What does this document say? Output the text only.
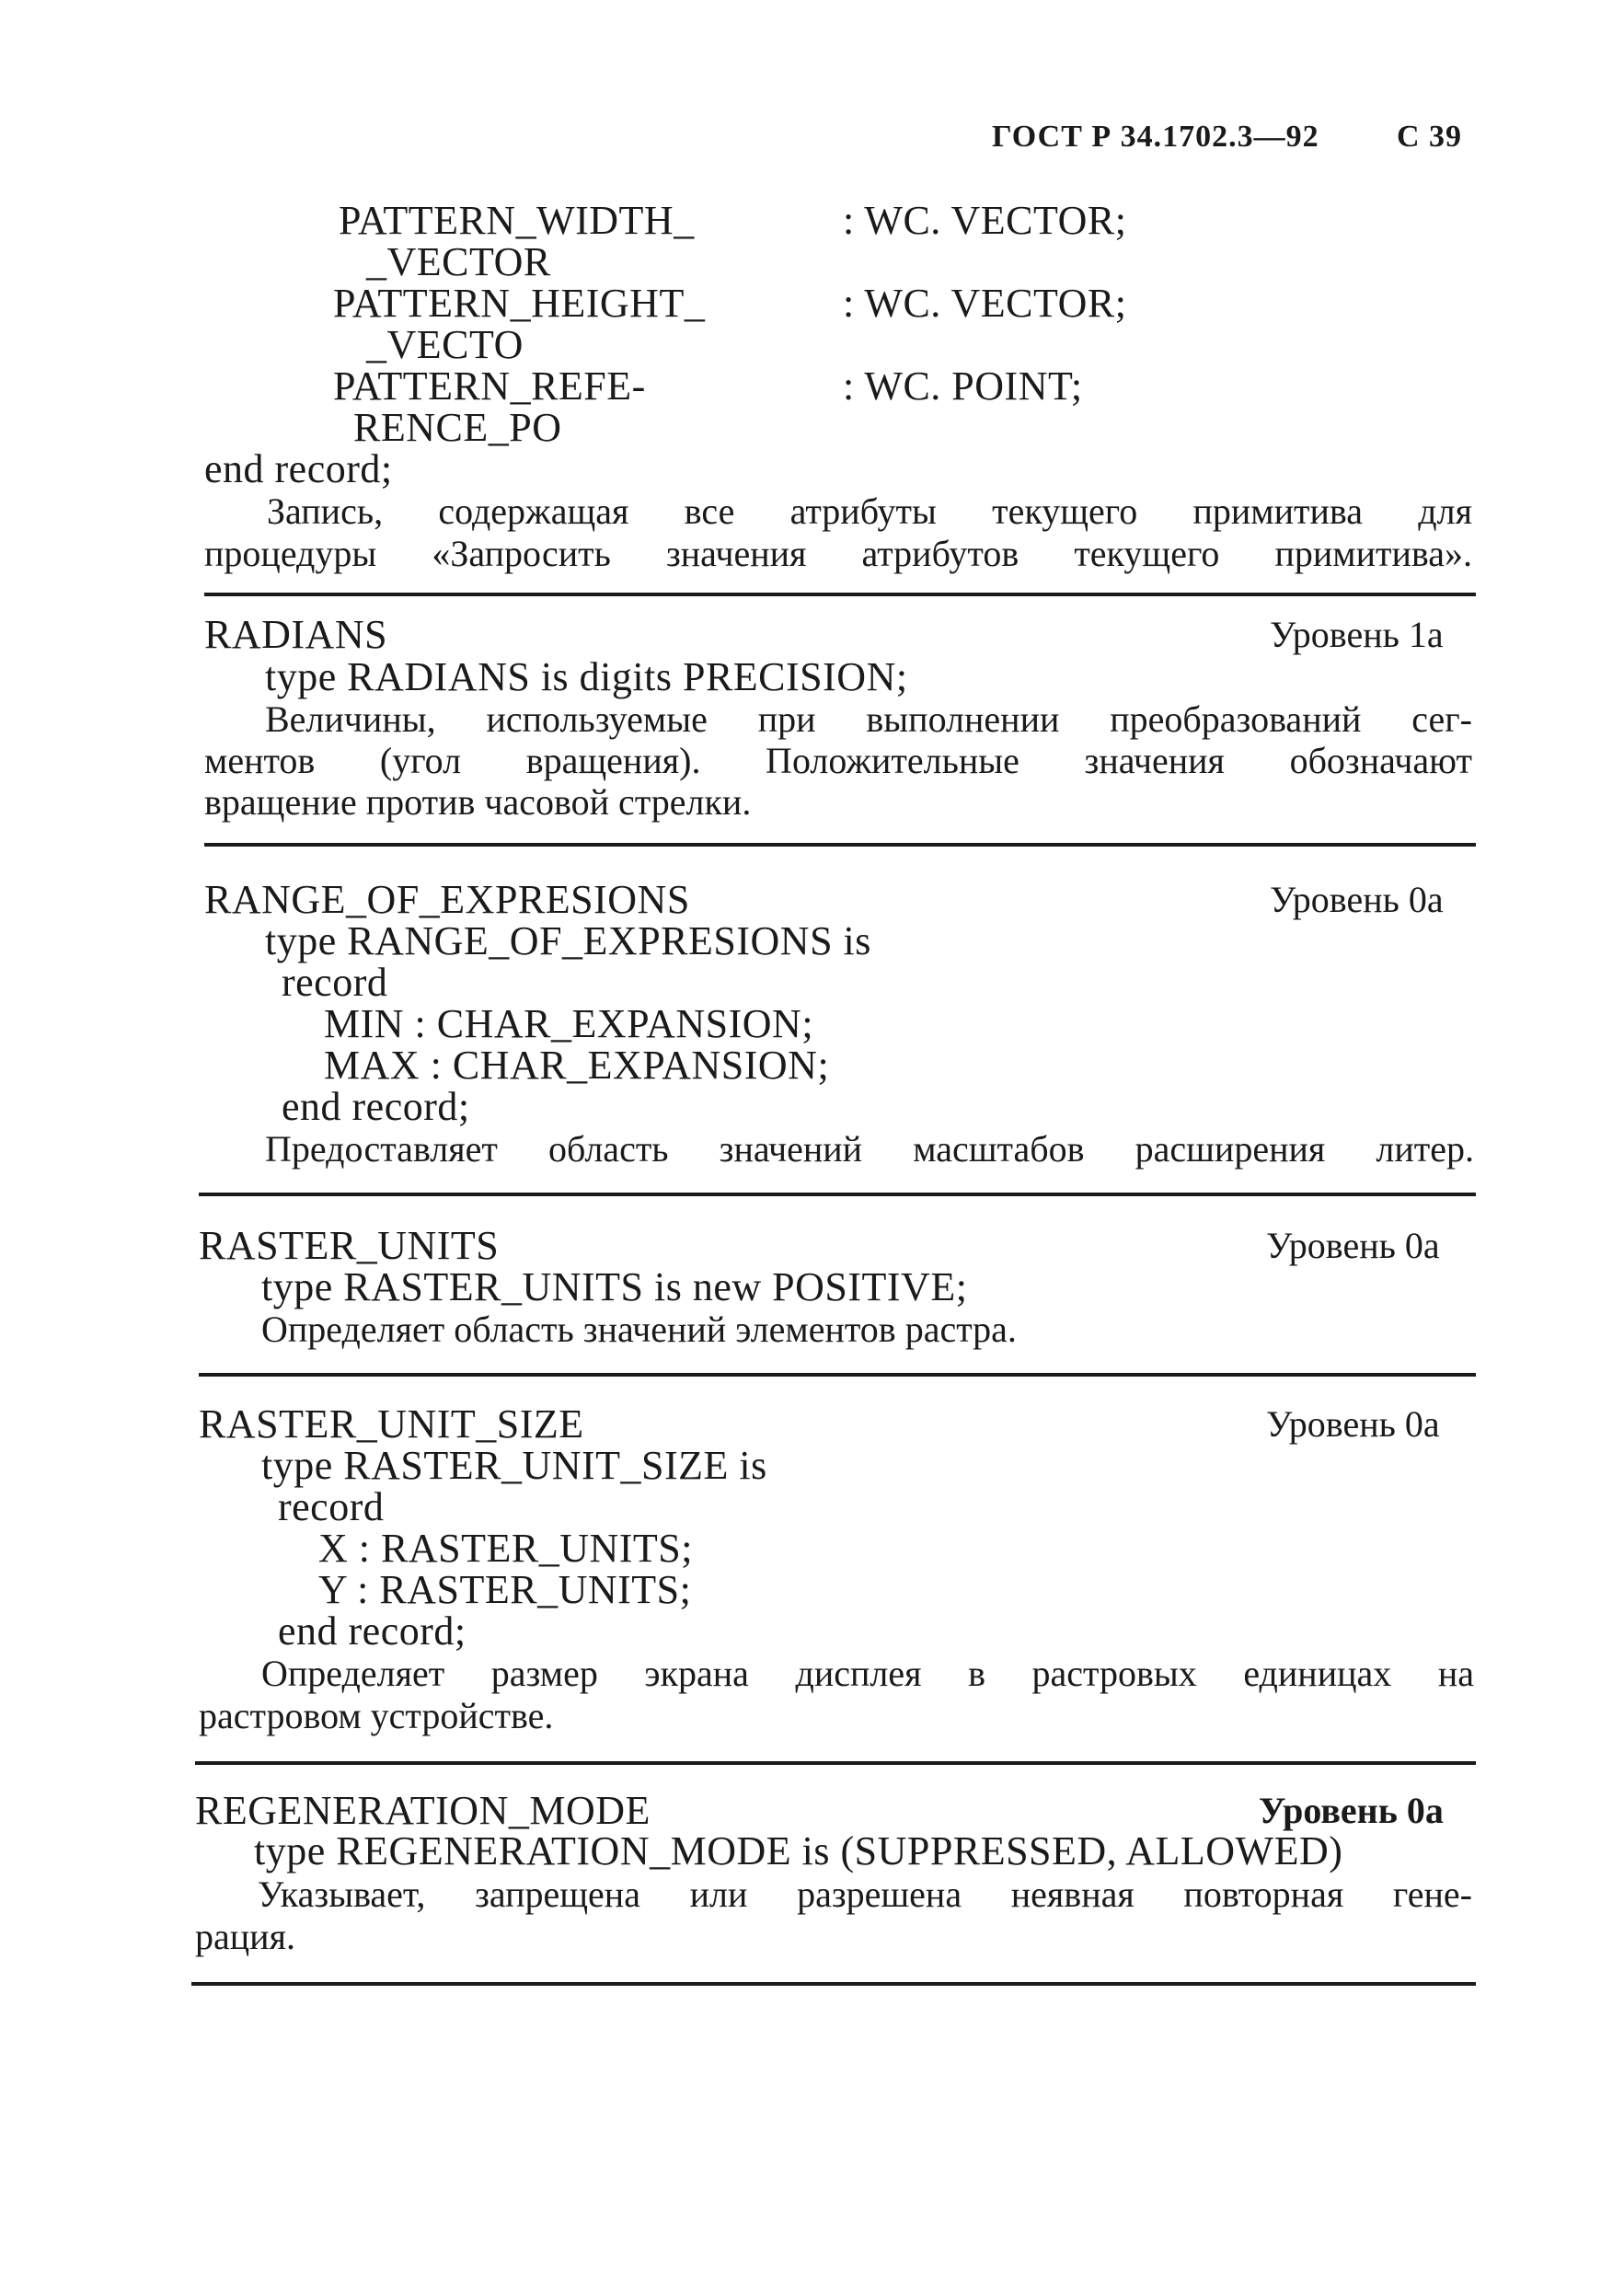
ГОСТ Р 34.1702.3—92 С 39
PATTERN_WIDTH_	: WC. VECTOR;
_VECTOR
PATTERN_HEIGHT_	: WC. VECTOR;
_VECTO
PATTERN_REFE-	: WC. POINT;
RENCE_PO
end record;
Запись, содержащая все атрибуты текущего примитива для
процедуры «Запросить значения атрибутов текущего примитива».
RADIANS	Уровень 1a
type RADIANS is digits PRECISION;
Величины, используемые при выполнении преобразований сег-
ментов (угол вращения). Положительные значения обозначают
вращение против часовой стрелки.
RANGE_OF_EXPRESIONS	Уровень 0a
type RANGE_OF_EXPRESIONS is
record
MIN : CHAR_EXPANSION;
MAX : CHAR_EXPANSION;
end record;
Предоставляет область значений масштабов расширения литер.
RASTER_UNITS	Уровень 0a
type RASTER_UNITS is new POSITIVE;
Определяет область значений элементов растра.
RASTER_UNIT_SIZE	Уровень 0a
type RASTER_UNIT_SIZE is
record
X : RASTER_UNITS;
Y : RASTER_UNITS;
end record;
Определяет размер экрана дисплея в растровых единицах на
растровом устройстве.
REGENERATION_MODE	Уровень 0a
type REGENERATION_MODE is (SUPPRESSED, ALLOWED)
Указывает, запрещена или разрешена неявная повторная гене-
рация.
